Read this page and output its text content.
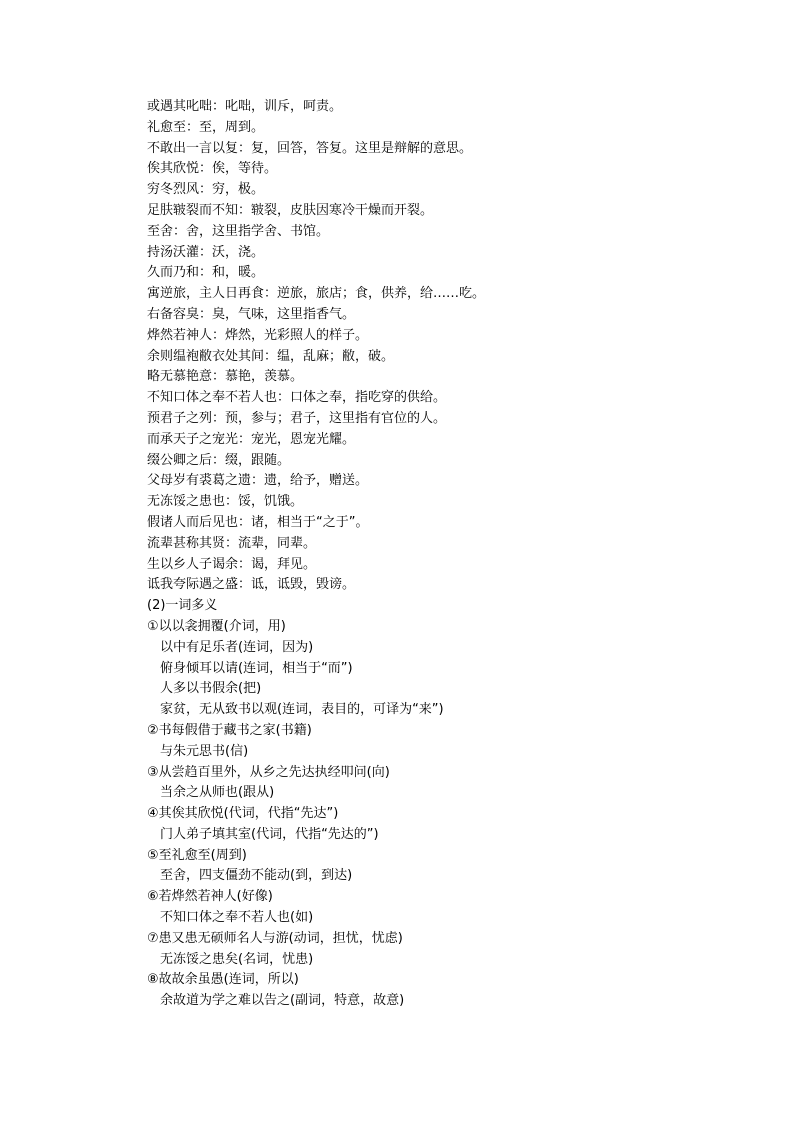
或遇其叱咄：叱咄，训斥，呵责。

礼愈至：至，周到。

不敢出一言以复：复，回答，答复。这里是辩解的意思。

俟其欣悦：俟，等待。

穷冬烈风：穷，极。

足肤皲裂而不知：皲裂，皮肤因寒冷干燥而开裂。

至舍：舍，这里指学舍、书馆。

持汤沃灌：沃，浇。

久而乃和：和，暖。

寓逆旅，主人日再食：逆旅，旅店；食，供养，给……吃。

右备容臭：臭，气味，这里指香气。

烨然若神人：烨然，光彩照人的样子。

余则缊袍敝衣处其间：缊，乱麻；敝，破。

略无慕艳意：慕艳，羡慕。

不知口体之奉不若人也：口体之奉，指吃穿的供给。

预君子之列：预，参与；君子，这里指有官位的人。

而承天子之宠光：宠光，恩宠光耀。

缀公卿之后：缀，跟随。

父母岁有裘葛之遗：遗，给予，赠送。

无冻馁之患也：馁，饥饿。

假诸人而后见也：诸，相当于“之于”。

流辈甚称其贤：流辈，同辈。

生以乡人子谒余：谒，拜见。

诋我夸际遇之盛：诋，诋毁，毁谤。

(2)一词多义

①以以衾拥覆(介词，用)

以中有足乐者(连词，因为)

俯身倾耳以请(连词，相当于“而”)

人多以书假余(把)

家贫，无从致书以观(连词，表目的，可译为“来”)

②书每假借于藏书之家(书籍)

与朱元思书(信)

③从尝趋百里外，从乡之先达执经叩问(向)

当余之从师也(跟从)

④其俟其欣悦(代词，代指“先达”)

门人弟子填其室(代词，代指“先达的”)

⑤至礼愈至(周到)

至舍，四支僵劲不能动(到，到达)

⑥若烨然若神人(好像)

不知口体之奉不若人也(如)

⑦患又患无硕师名人与游(动词，担忧，忧虑)

无冻馁之患矣(名词，忧患)

⑧故故余虽愚(连词，所以)

余故道为学之难以告之(副词，特意，故意)
